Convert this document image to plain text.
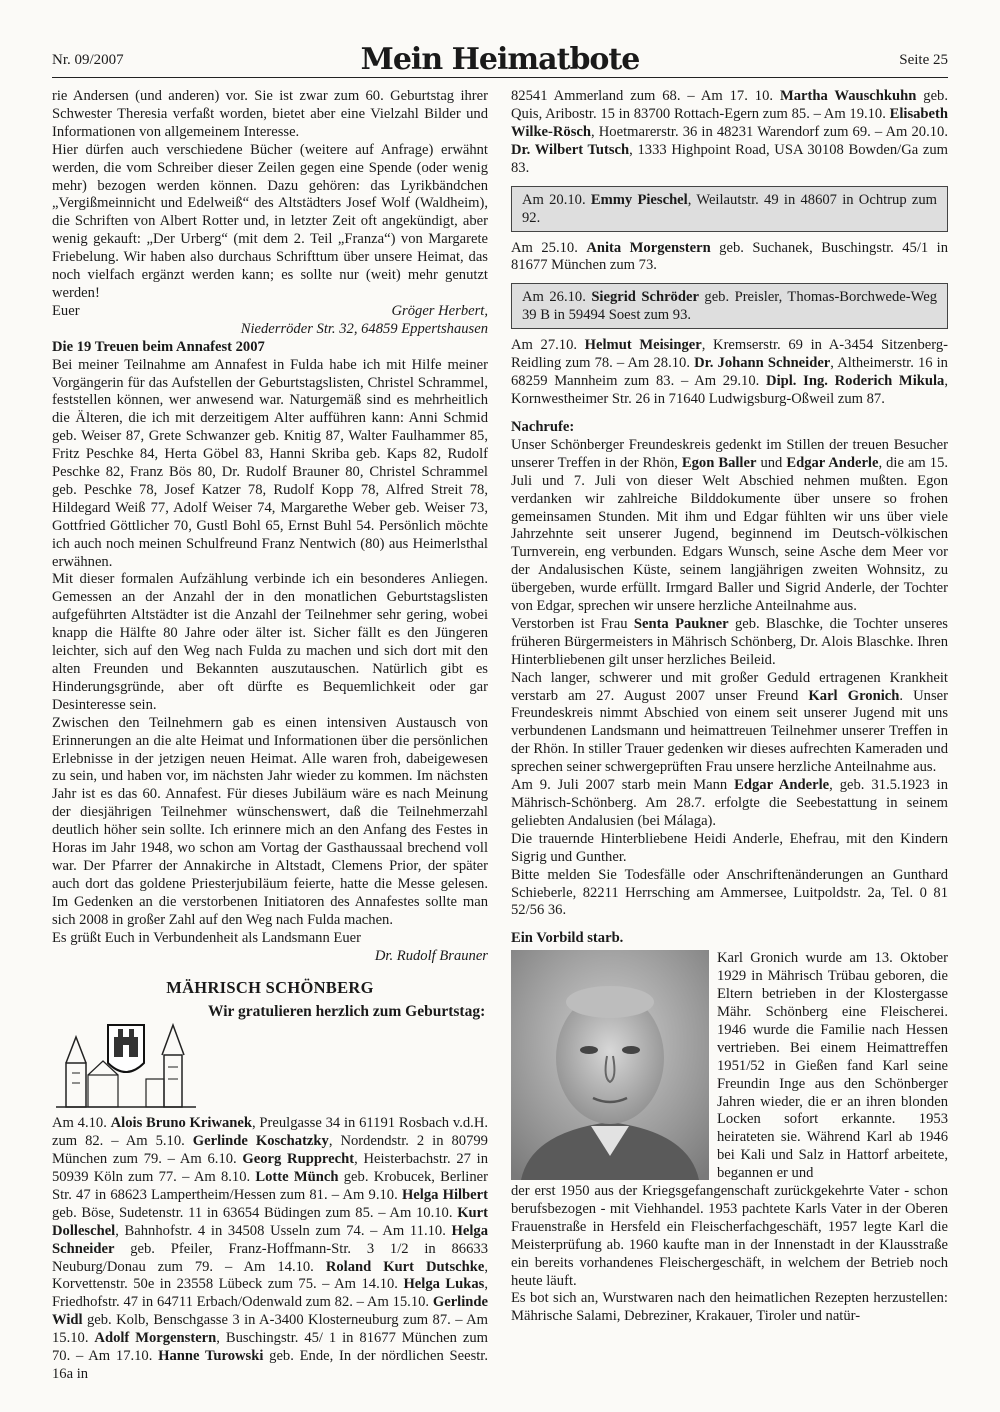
Nr. 09/2007	Mein Heimatbote	Seite 25

rie Andersen (und anderen) vor. Sie ist zwar zum 60. Geburtstag ihrer Schwester Theresia verfaßt worden, bietet aber eine Vielzahl Bilder und Informationen von allgemeinem Interesse.

Hier dürfen auch verschiedene Bücher (weitere auf Anfrage) erwähnt werden, die vom Schreiber dieser Zeilen gegen eine Spende (oder wenig mehr) bezogen werden können. Dazu gehören: das Lyrikbändchen „Vergißmeinnicht und Edelweiß“ des Altstädters Josef Wolf (Waldheim), die Schriften von Albert Rotter und, in letzter Zeit oft angekündigt, aber wenig gekauft: „Der Urberg“ (mit dem 2. Teil „Franza“) von Margarete Friebelung. Wir haben also durchaus Schrifttum über unsere Heimat, das noch vielfach ergänzt werden kann; es sollte nur (weit) mehr genutzt werden!

Euer	Gröger Herbert,

Niederröder Str. 32, 64859 Eppertshausen

Die 19 Treuen beim Annafest 2007

Bei meiner Teilnahme am Annafest in Fulda habe ich mit Hilfe meiner Vorgängerin für das Aufstellen der Geburtstagslisten, Christel Schrammel, feststellen können, wer anwesend war. Naturgemäß sind es mehrheitlich die Älteren, die ich mit derzeitigem Alter aufführen kann: Anni Schmid geb. Weiser 87, Grete Schwanzer geb. Knitig 87, Walter Faulhammer 85, Fritz Peschke 84, Herta Göbel 83, Hanni Skriba geb. Kaps 82, Rudolf Peschke 82, Franz Bös 80, Dr. Rudolf Brauner 80, Christel Schrammel geb. Peschke 78, Josef Katzer 78, Rudolf Kopp 78, Alfred Streit 78, Hildegard Weiß 77, Adolf Weiser 74, Margarethe Weber geb. Weiser 73, Gottfried Göttlicher 70, Gustl Bohl 65, Ernst Buhl 54. Persönlich möchte ich auch noch meinen Schulfreund Franz Nentwich (80) aus Heimerlsthal erwähnen.

Mit dieser formalen Aufzählung verbinde ich ein besonderes Anliegen. Gemessen an der Anzahl der in den monatlichen Geburtstagslisten aufgeführten Altstädter ist die Anzahl der Teilnehmer sehr gering, wobei knapp die Hälfte 80 Jahre oder älter ist. Sicher fällt es den Jüngeren leichter, sich auf den Weg nach Fulda zu machen und sich dort mit den alten Freunden und Bekannten auszutauschen. Natürlich gibt es Hinderungsgründe, aber oft dürfte es Bequemlichkeit oder gar Desinteresse sein.

Zwischen den Teilnehmern gab es einen intensiven Austausch von Erinnerungen an die alte Heimat und Informationen über die persönlichen Erlebnisse in der jetzigen neuen Heimat. Alle waren froh, dabeigewesen zu sein, und haben vor, im nächsten Jahr wieder zu kommen. Im nächsten Jahr ist es das 60. Annafest. Für dieses Jubiläum wäre es nach Meinung der diesjährigen Teilnehmer wünschenswert, daß die Teilnehmerzahl deutlich höher sein sollte. Ich erinnere mich an den Anfang des Festes in Horas im Jahr 1948, wo schon am Vortag der Gasthaussaal brechend voll war. Der Pfarrer der Annakirche in Altstadt, Clemens Prior, der später auch dort das goldene Priesterjubiläum feierte, hatte die Messe gelesen. Im Gedenken an die verstorbenen Initiatoren des Annafestes sollte man sich 2008 in großer Zahl auf den Weg nach Fulda machen.

Es grüßt Euch in Verbundenheit als Landsmann Euer

Dr. Rudolf Brauner

MÄHRISCH SCHÖNBERG
Wir gratulieren herzlich zum Geburtstag:

Am 4.10. Alois Bruno Kriwanek, Preulgasse 34 in 61191 Rosbach v.d.H. zum 82. – Am 5.10. Gerlinde Koschatzky, Nordendstr. 2 in 80799 München zum 79. – Am 6.10. Georg Rupprecht, Heisterbachstr. 27 in 50939 Köln zum 77. – Am 8.10. Lotte Münch geb. Krobucek, Berliner Str. 47 in 68623 Lampertheim/Hessen zum 81. – Am 9.10. Helga Hilbert geb. Böse, Sudetenstr. 11 in 63654 Büdingen zum 85. – Am 10.10. Kurt Dolleschel, Bahnhofstr. 4 in 34508 Usseln zum 74. – Am 11.10. Helga Schneider geb. Pfeiler, Franz-Hoffmann-Str. 3 1/2 in 86633 Neuburg/Donau zum 79. – Am 14.10. Roland Kurt Dutschke, Korvettenstr. 50e in 23558 Lübeck zum 75. – Am 14.10. Helga Lukas, Friedhofstr. 47 in 64711 Erbach/Odenwald zum 82. – Am 15.10. Gerlinde Widl geb. Kolb, Benschgasse 3 in A-3400 Klosterneuburg zum 87. – Am 15.10. Adolf Morgenstern, Buschingstr. 45/ 1 in 81677 München zum 70. – Am 17.10. Hanne Turowski geb. Ende, In der nördlichen Seestr. 16a in

82541 Ammerland zum 68. – Am 17. 10. Martha Wauschkuhn geb. Quis, Aribostr. 15 in 83700 Rottach-Egern zum 85. – Am 19.10. Elisabeth Wilke-Rösch, Hoetmarerstr. 36 in 48231 Warendorf zum 69. – Am 20.10. Dr. Wilbert Tutsch, 1333 Highpoint Road, USA 30108 Bowden/Ga zum 83.

Am 20.10. Emmy Pieschel, Weilautstr. 49 in 48607 in Ochtrup zum 92.

Am 25.10. Anita Morgenstern geb. Suchanek, Buschingstr. 45/1 in 81677 München zum 73.

Am 26.10. Siegrid Schröder geb. Preisler, Thomas-Borchwede-Weg 39 B in 59494 Soest zum 93.

Am 27.10. Helmut Meisinger, Kremserstr. 69 in A-3454 Sitzenberg-Reidling zum 78. – Am 28.10. Dr. Johann Schneider, Altheimerstr. 16 in 68259 Mannheim zum 83. – Am 29.10. Dipl. Ing. Roderich Mikula, Kornwestheimer Str. 26 in 71640 Ludwigsburg-Oßweil zum 87.

Nachrufe:

Unser Schönberger Freundeskreis gedenkt im Stillen der treuen Besucher unserer Treffen in der Rhön, Egon Baller und Edgar Anderle, die am 15. Juli und 7. Juli von dieser Welt Abschied nehmen mußten. Egon verdanken wir zahlreiche Bilddokumente über unsere so frohen gemeinsamen Stunden. Mit ihm und Edgar fühlten wir uns über viele Jahrzehnte seit unserer Jugend, beginnend im Deutsch-völkischen Turnverein, eng verbunden. Edgars Wunsch, seine Asche dem Meer vor der Andalusischen Küste, seinem langjährigen zweiten Wohnsitz, zu übergeben, wurde erfüllt. Irmgard Baller und Sigrid Anderle, der Tochter von Edgar, sprechen wir unsere herzliche Anteilnahme aus.

Verstorben ist Frau Senta Paukner geb. Blaschke, die Tochter unseres früheren Bürgermeisters in Mährisch Schönberg, Dr. Alois Blaschke. Ihren Hinterbliebenen gilt unser herzliches Beileid.

Nach langer, schwerer und mit großer Geduld ertragenen Krankheit verstarb am 27. August 2007 unser Freund Karl Gronich. Unser Freundeskreis nimmt Abschied von einem seit unserer Jugend mit uns verbundenen Landsmann und heimattreuen Teilnehmer unserer Treffen in der Rhön. In stiller Trauer gedenken wir dieses aufrechten Kameraden und sprechen seiner schwergeprüften Frau unsere herzliche Anteilnahme aus.

Am 9. Juli 2007 starb mein Mann Edgar Anderle, geb. 31.5.1923 in Mährisch-Schönberg. Am 28.7. erfolgte die Seebestattung in seinem geliebten Andalusien (bei Málaga).

Die trauernde Hinterbliebene Heidi Anderle, Ehefrau, mit den Kindern Sigrig und Gunther.

Bitte melden Sie Todesfälle oder Anschriftenänderungen an Gunthard Schieberle, 82211 Herrsching am Ammersee, Luitpoldstr. 2a, Tel. 0 81 52/56 36.

Ein Vorbild starb.

Karl Gronich wurde am 13. Oktober 1929 in Mährisch Trübau geboren, die Eltern betrieben in der Klostergasse Mähr. Schönberg eine Fleischerei. 1946 wurde die Familie nach Hessen vertrieben. Bei einem Heimattreffen 1951/52 in Gießen fand Karl seine Freundin Inge aus den Schönberger Jahren wieder, die er an ihren blonden Locken sofort erkannte. 1953 heirateten sie. Während Karl ab 1946 bei Kali und Salz in Hattorf arbeitete, begannen er und

der erst 1950 aus der Kriegsgefangenschaft zurückgekehrte Vater - schon berufsbezogen - mit Viehhandel. 1953 pachtete Karls Vater in der Oberen Frauenstraße in Hersfeld ein Fleischerfachgeschäft, 1957 legte Karl die Meisterprüfung ab. 1960 kaufte man in der Innenstadt in der Klausstraße ein bereits vorhandenes Fleischergeschäft, in welchem der Betrieb noch heute läuft.

Es bot sich an, Wurstwaren nach den heimatlichen Rezepten herzustellen: Mährische Salami, Debreziner, Krakauer, Tiroler und natür-
